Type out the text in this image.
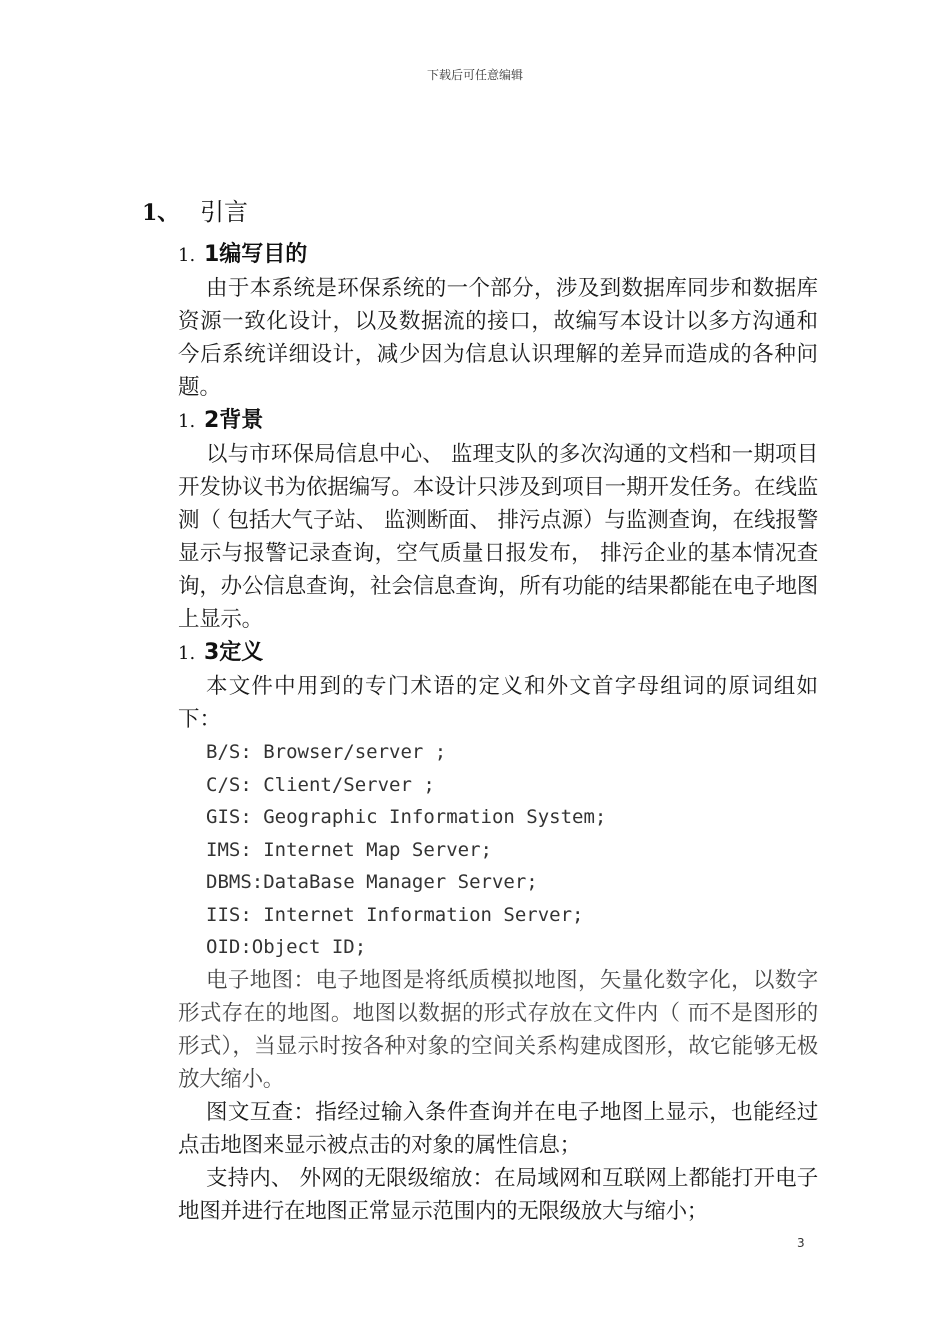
下载后可任意编辑
1、 引言
1. 1编写目的
由于本系统是环保系统的一个部分，涉及到数据库同步和数据库资源一致化设计，以及数据流的接口，故编写本设计以多方沟通和今后系统详细设计，减少因为信息认识理解的差异而造成的各种问题。
1. 2背景
以与市环保局信息中心、 监理支队的多次沟通的文档和一期项目开发协议书为依据编写。本设计只涉及到项目一期开发任务。在线监测（ 包括大气子站、 监测断面、 排污点源）与监测查询，在线报警显示与报警记录查询，空气质量日报发布， 排污企业的基本情况查询，办公信息查询，社会信息查询，所有功能的结果都能在电子地图上显示。
1. 3定义
本文件中用到的专门术语的定义和外文首字母组词的原词组如下：
B/S: Browser/server ;
C/S: Client/Server ;
GIS: Geographic Information System;
IMS: Internet Map Server;
DBMS:DataBase Manager Server;
IIS: Internet Information Server;
OID:Object ID;
电子地图：电子地图是将纸质模拟地图，矢量化数字化，以数字形式存在的地图。地图以数据的形式存放在文件内（ 而不是图形的形式），当显示时按各种对象的空间关系构建成图形，故它能够无极放大缩小。
图文互查：指经过输入条件查询并在电子地图上显示，也能经过点击地图来显示被点击的对象的属性信息；
支持内、 外网的无限级缩放：在局域网和互联网上都能打开电子地图并进行在地图正常显示范围内的无限级放大与缩小；
3
